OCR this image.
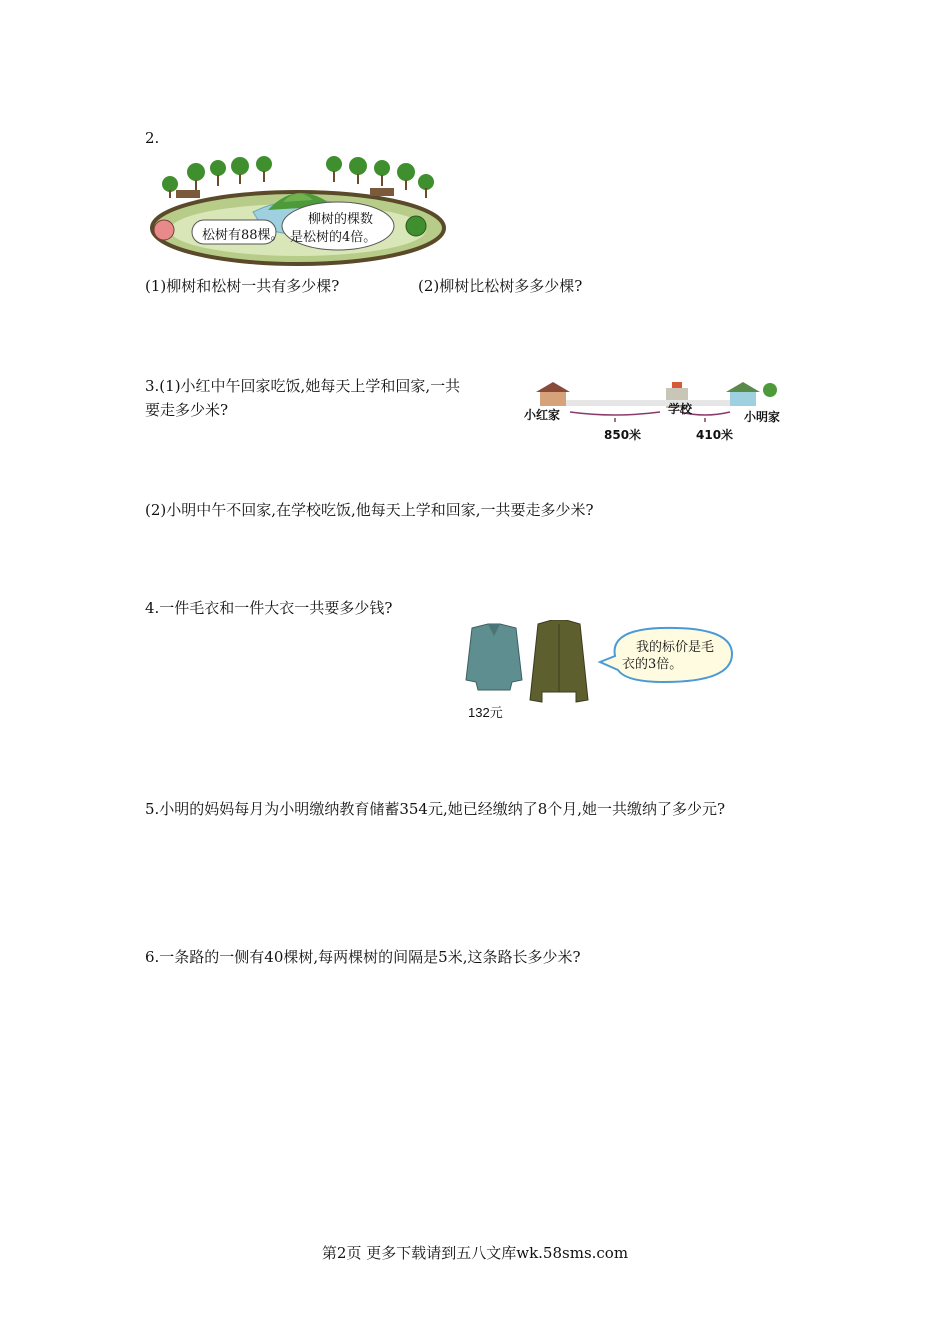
2.
松树有88棵。
柳树的棵数
是松树的4倍。
(1)柳树和松树一共有多少棵?	(2)柳树比松树多多少棵?
3.(1)小红中午回家吃饭,她每天上学和回家,一共
要走多少米?	小红家	学校
小明家
850米	410米
(2)小明中午不回家,在学校吃饭,他每天上学和回家,一共要走多少米?
4.一件毛衣和一件大衣一共要多少钱?
132元
我的标价是毛
衣的3倍。
5.小明的妈妈每月为小明缴纳教育储蓄354元,她已经缴纳了8个月,她一共缴纳了多少元?
6.一条路的一侧有40棵树,每两棵树的间隔是5米,这条路长多少米?
第2页 更多下载请到五八文库wk.58sms.com
